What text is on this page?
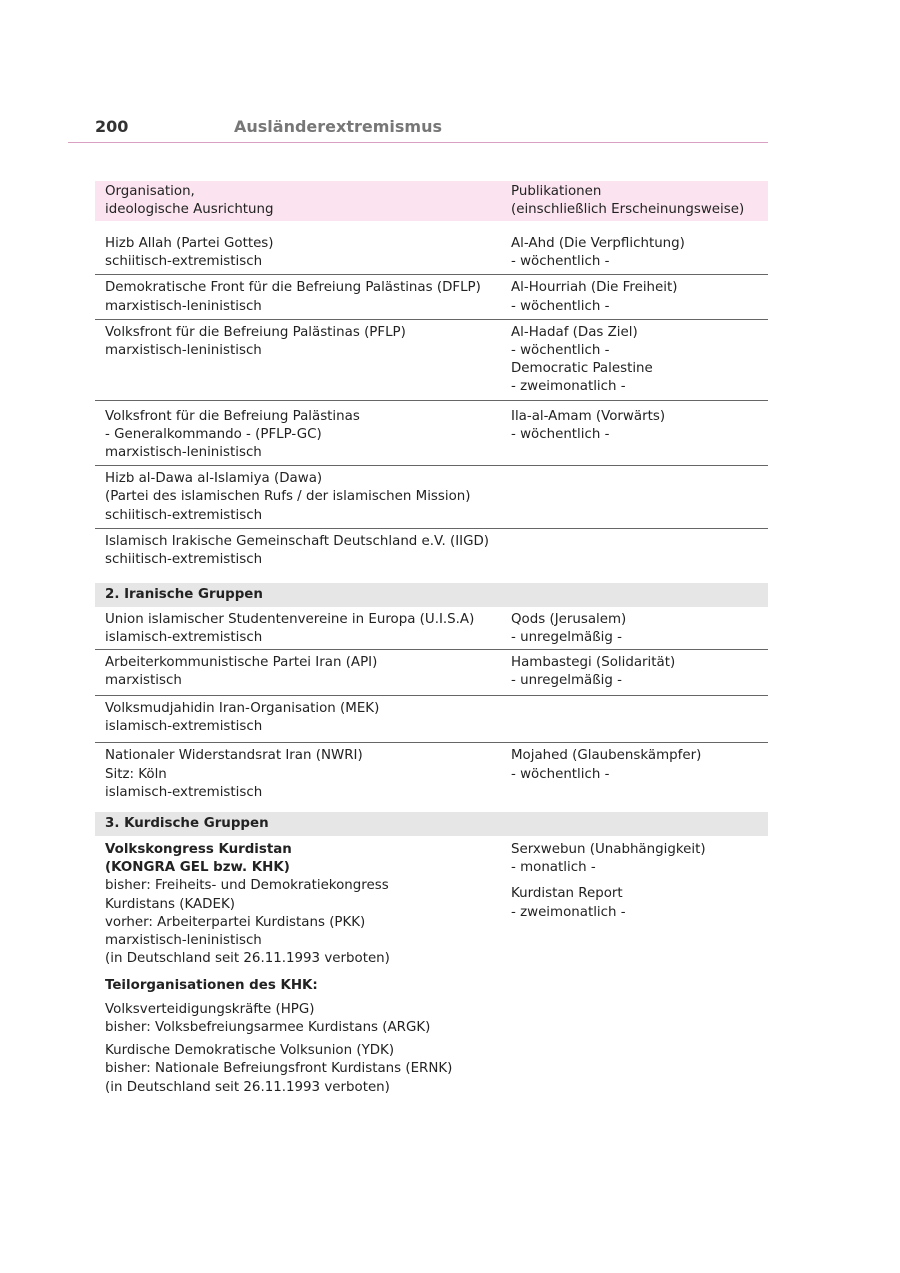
200	Ausländerextremismus
Organisation,
ideologische Ausrichtung
Publikationen
(einschließlich Erscheinungsweise)
Hizb Allah (Partei Gottes)
schiitisch-extremistisch
Al-Ahd (Die Verpflichtung)
- wöchentlich -
Demokratische Front für die Befreiung Palästinas (DFLP)
marxistisch-leninistisch
Al-Hourriah (Die Freiheit)
- wöchentlich -
Volksfront für die Befreiung Palästinas (PFLP)
marxistisch-leninistisch
Al-Hadaf (Das Ziel)
- wöchentlich -
Democratic Palestine
- zweimonatlich -
Volksfront für die Befreiung Palästinas
- Generalkommando - (PFLP-GC)
marxistisch-leninistisch
Ila-al-Amam (Vorwärts)
- wöchentlich -
Hizb al-Dawa al-Islamiya (Dawa)
(Partei des islamischen Rufs / der islamischen Mission)
schiitisch-extremistisch
Islamisch Irakische Gemeinschaft Deutschland e.V. (IIGD)
schiitisch-extremistisch
2. Iranische Gruppen
Union islamischer Studentenvereine in Europa (U.I.S.A)
islamisch-extremistisch
Qods (Jerusalem)
- unregelmäßig -
Arbeiterkommunistische Partei Iran (API)
marxistisch
Hambastegi (Solidarität)
- unregelmäßig -
Volksmudjahidin Iran-Organisation (MEK)
islamisch-extremistisch
Nationaler Widerstandsrat Iran (NWRI)
Sitz: Köln
islamisch-extremistisch
Mojahed (Glaubenskämpfer)
- wöchentlich -
3. Kurdische Gruppen
Volkskongress Kurdistan
(KONGRA GEL bzw. KHK)
bisher: Freiheits- und Demokratiekongress
Kurdistans (KADEK)
vorher: Arbeiterpartei Kurdistans (PKK)
marxistisch-leninistisch
(in Deutschland seit 26.11.1993 verboten)
Teilorganisationen des KHK:
Volksverteidigungskräfte (HPG)
bisher: Volksbefreiungsarmee Kurdistans (ARGK)
Kurdische Demokratische Volksunion (YDK)
bisher: Nationale Befreiungsfront Kurdistans (ERNK)
(in Deutschland seit 26.11.1993 verboten)
Serxwebun (Unabhängigkeit)
- monatlich -
Kurdistan Report
- zweimonatlich -
